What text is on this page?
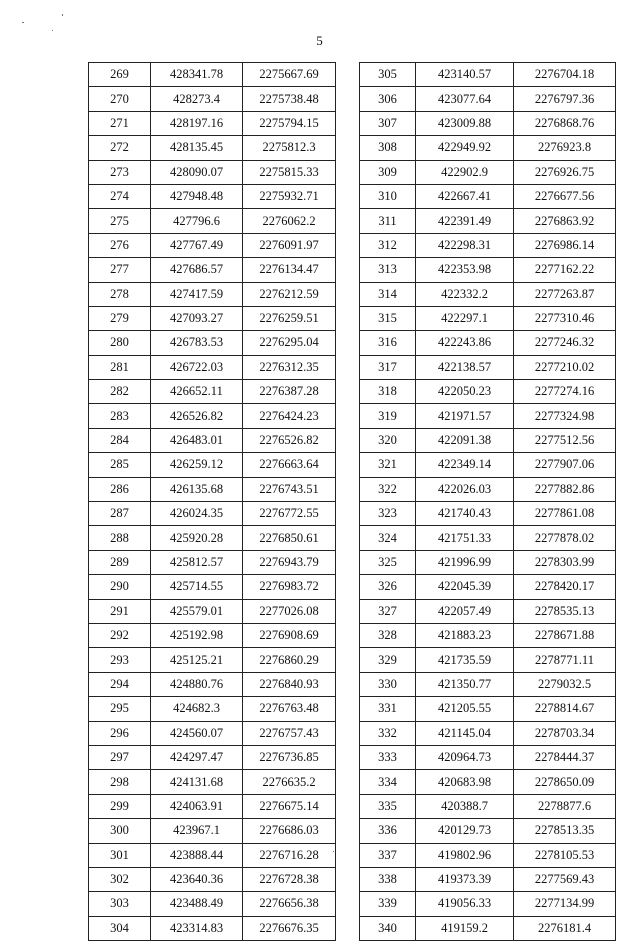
5
269	428341.78	2275667.69
270	428273.4	2275738.48
271	428197.16	2275794.15
272	428135.45	2275812.3
273	428090.07	2275815.33
274	427948.48	2275932.71
275	427796.6	2276062.2
276	427767.49	2276091.97
277	427686.57	2276134.47
278	427417.59	2276212.59
279	427093.27	2276259.51
280	426783.53	2276295.04
281	426722.03	2276312.35
282	426652.11	2276387.28
283	426526.82	2276424.23
284	426483.01	2276526.82
285	426259.12	2276663.64
286	426135.68	2276743.51
287	426024.35	2276772.55
288	425920.28	2276850.61
289	425812.57	2276943.79
290	425714.55	2276983.72
291	425579.01	2277026.08
292	425192.98	2276908.69
293	425125.21	2276860.29
294	424880.76	2276840.93
295	424682.3	2276763.48
296	424560.07	2276757.43
297	424297.47	2276736.85
298	424131.68	2276635.2
299	424063.91	2276675.14
300	423967.1	2276686.03
301	423888.44	2276716.28
302	423640.36	2276728.38
303	423488.49	2276656.38
304	423314.83	2276676.35
305	423140.57	2276704.18
306	423077.64	2276797.36
307	423009.88	2276868.76
308	422949.92	2276923.8
309	422902.9	2276926.75
310	422667.41	2276677.56
311	422391.49	2276863.92
312	422298.31	2276986.14
313	422353.98	2277162.22
314	422332.2	2277263.87
315	422297.1	2277310.46
316	422243.86	2277246.32
317	422138.57	2277210.02
318	422050.23	2277274.16
319	421971.57	2277324.98
320	422091.38	2277512.56
321	422349.14	2277907.06
322	422026.03	2277882.86
323	421740.43	2277861.08
324	421751.33	2277878.02
325	421996.99	2278303.99
326	422045.39	2278420.17
327	422057.49	2278535.13
328	421883.23	2278671.88
329	421735.59	2278771.11
330	421350.77	2279032.5
331	421205.55	2278814.67
332	421145.04	2278703.34
333	420964.73	2278444.37
334	420683.98	2278650.09
335	420388.7	2278877.6
336	420129.73	2278513.35
337	419802.96	2278105.53
338	419373.39	2277569.43
339	419056.33	2277134.99
340	419159.2	2276181.4
